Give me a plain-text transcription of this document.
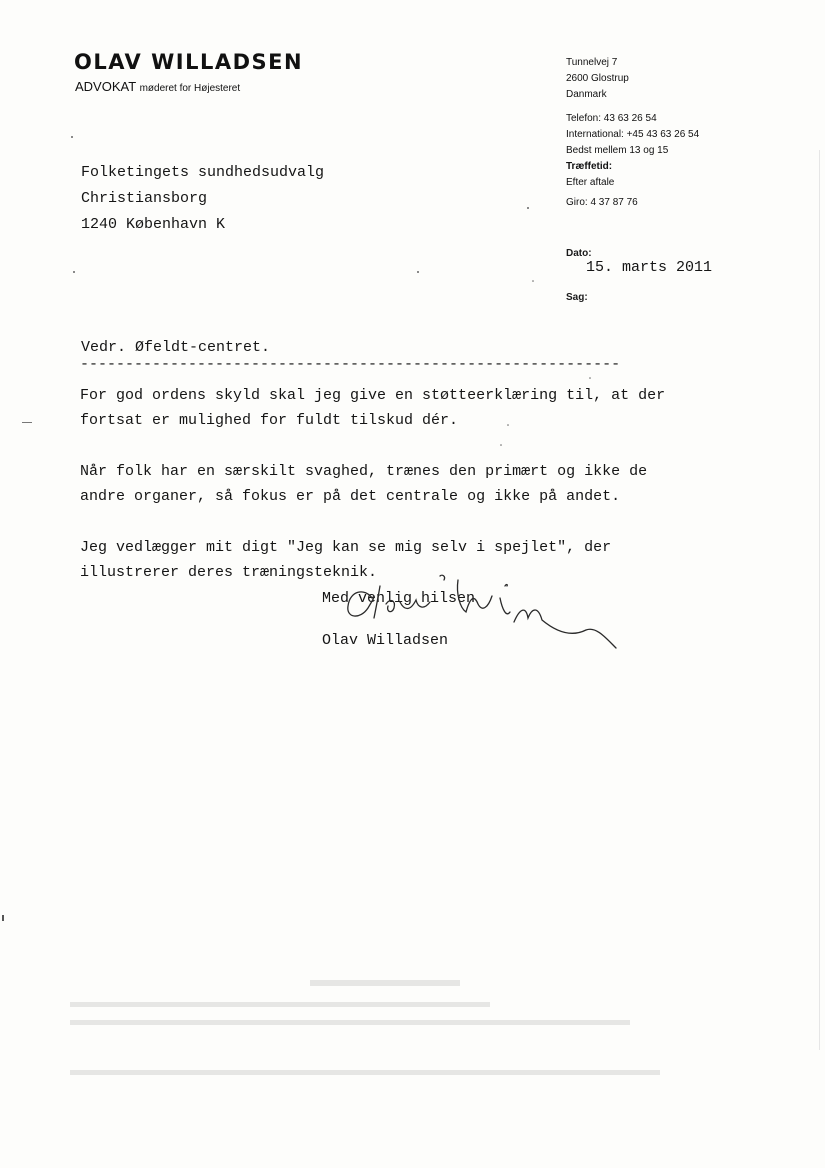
OLAV WILLADSEN
ADVOKAT møderet for Højesteret
Tunnelvej 7
2600 Glostrup
Danmark
Telefon: 43 63 26 54
International: +45 43 63 26 54
Bedst mellem 13 og 15
Træffetid:
Efter aftale
Giro: 4 37 87 76
Folketingets sundhedsudvalg
Christiansborg
1240 København K
Dato:
15. marts 2011
Sag:
Vedr. Øfeldt-centret.
------------------------------------------------------------

For god ordens skyld skal jeg give en støtteerklæring til, at der
fortsat er mulighed for fuldt tilskud dér.

Når folk har en særskilt svaghed, trænes den primært og ikke de
andre organer, så fokus er på det centrale og ikke på andet.

Jeg vedlægger mit digt "Jeg kan se mig selv i spejlet", der
illustrerer deres træningsteknik.

Med venlig hilsen
Olav Willadsen
